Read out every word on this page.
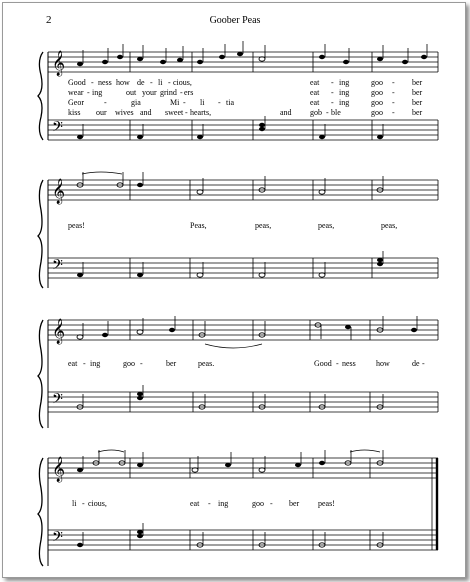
2	Goober Peas
𝄞
𝄢
Good - ness how de - li - cious,	eat - ing	goo - ber
wear - ing	out your grind - ers	eat - ing	goo - ber
Geor	-	gia	Mi - li - tia	eat - ing	goo - ber
kiss our wives and sweet - hearts,	and gob - ble	goo - ber
𝄞
𝄢
peas!	Peas,	peas,	peas,	peas,
𝄞
𝄢
eat - ing	goo -	ber	peas.	Good - ness	how	de -
𝄞
𝄢
li - cious,	eat - ing	goo - ber peas!
